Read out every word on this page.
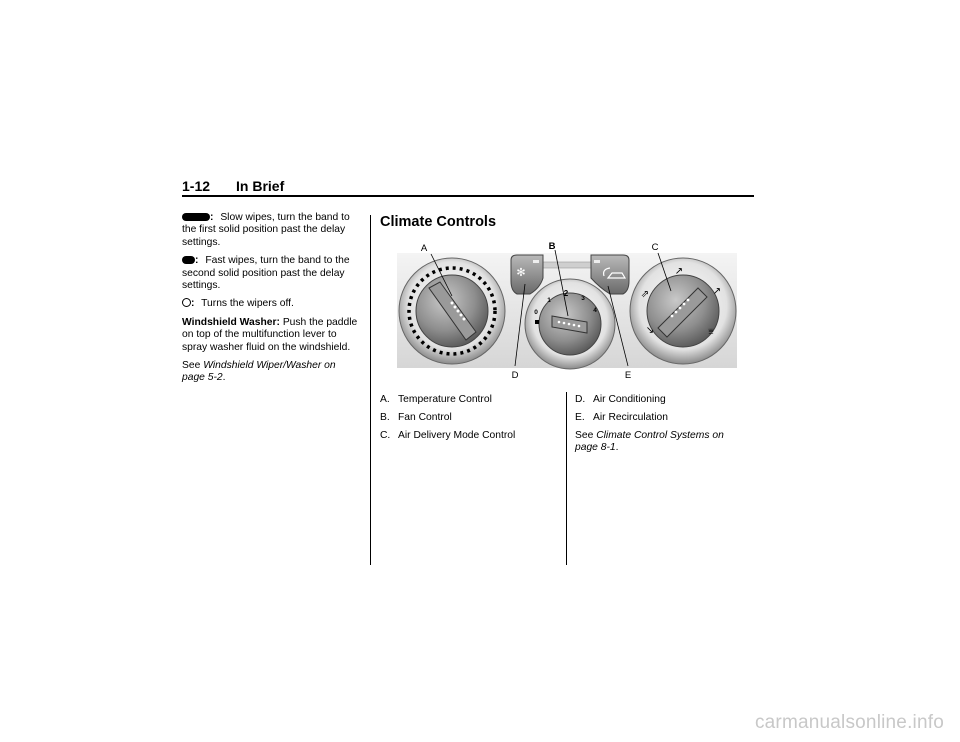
1-12 In Brief

: Slow wipes, turn the band to the first solid position past the delay settings.

: Fast wipes, turn the band to the second solid position past the delay settings.

: Turns the wipers off.

Windshield Washer: Push the paddle on top of the multifunction lever to spray washer fluid on the windshield.

See Windshield Wiper/Washer on page 5-2.

Climate Controls
✻
0
1
2
3
4
↗
⇗	↗
↘	⩸
A	B	C
D	E
A. Temperature Control
B. Fan Control
C. Air Delivery Mode Control
D. Air Conditioning
E. Air Recirculation
See Climate Control Systems on page 8-1.
carmanualsonline.info
